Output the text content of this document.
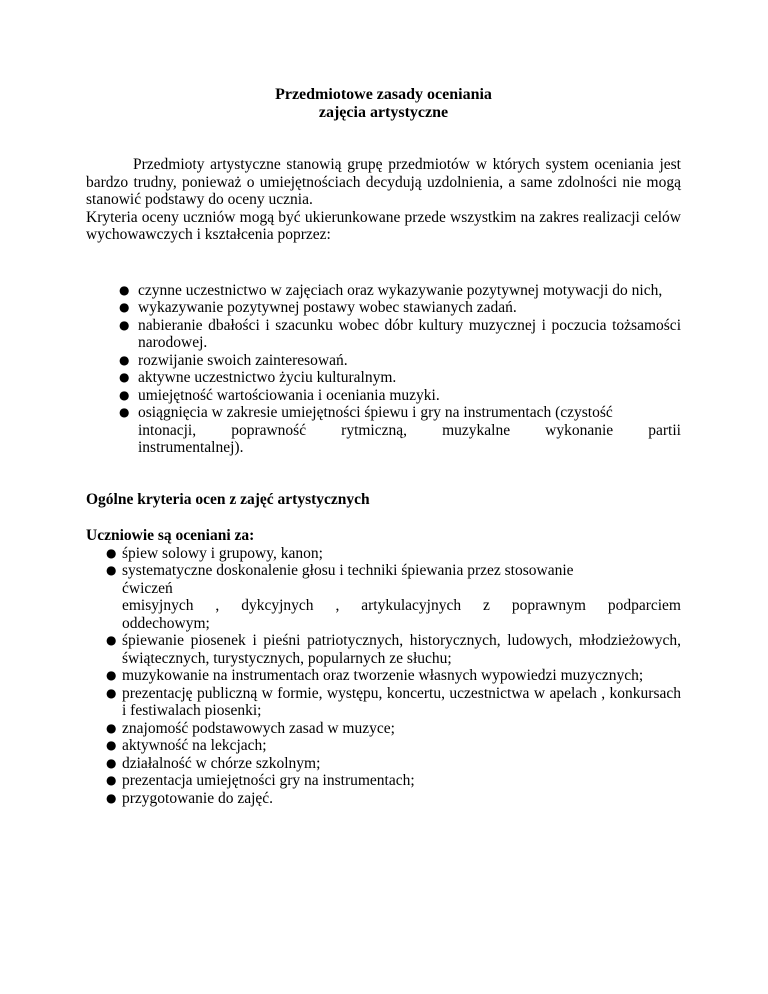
Przedmiotowe zasady oceniania

zajęcia artystyczne

Przedmioty artystyczne stanowią grupę przedmiotów w których system oceniania jest bardzo trudny, ponieważ o umiejętnościach decydują uzdolnienia, a same zdolności nie mogą stanowić podstawy do oceny ucznia.

Kryteria oceny uczniów mogą być ukierunkowane przede wszystkim na zakres realizacji celów wychowawczych i kształcenia poprzez:

● czynne uczestnictwo w zajęciach oraz wykazywanie pozytywnej motywacji do nich,
● wykazywanie pozytywnej postawy wobec stawianych zadań.
● nabieranie dbałości i szacunku wobec dóbr kultury muzycznej i poczucia tożsamości narodowej.
● rozwijanie swoich zainteresowań.
● aktywne uczestnictwo życiu kulturalnym.
● umiejętność wartościowania i oceniania muzyki.
● osiągnięcia w zakresie umiejętności śpiewu i gry na instrumentach (czystość
intonacji, poprawność rytmiczną, muzykalne wykonanie partii
instrumentalnej).

Ogólne kryteria ocen z zajęć artystycznych

Uczniowie są oceniani za:

● śpiew solowy i grupowy, kanon;
● systematyczne doskonalenie głosu i techniki śpiewania przez stosowanie
ćwiczeń
emisyjnych , dykcyjnych , artykulacyjnych z poprawnym podparciem
oddechowym;
● śpiewanie piosenek i pieśni patriotycznych, historycznych, ludowych, młodzieżowych, świątecznych, turystycznych, popularnych ze słuchu;
● muzykowanie na instrumentach oraz tworzenie własnych wypowiedzi muzycznych;
● prezentację publiczną w formie, występu, koncertu, uczestnictwa w apelach , konkursach i festiwalach piosenki;
● znajomość podstawowych zasad w muzyce;
● aktywność na lekcjach;
● działalność w chórze szkolnym;
● prezentacja umiejętności gry na instrumentach;
● przygotowanie do zajęć.
